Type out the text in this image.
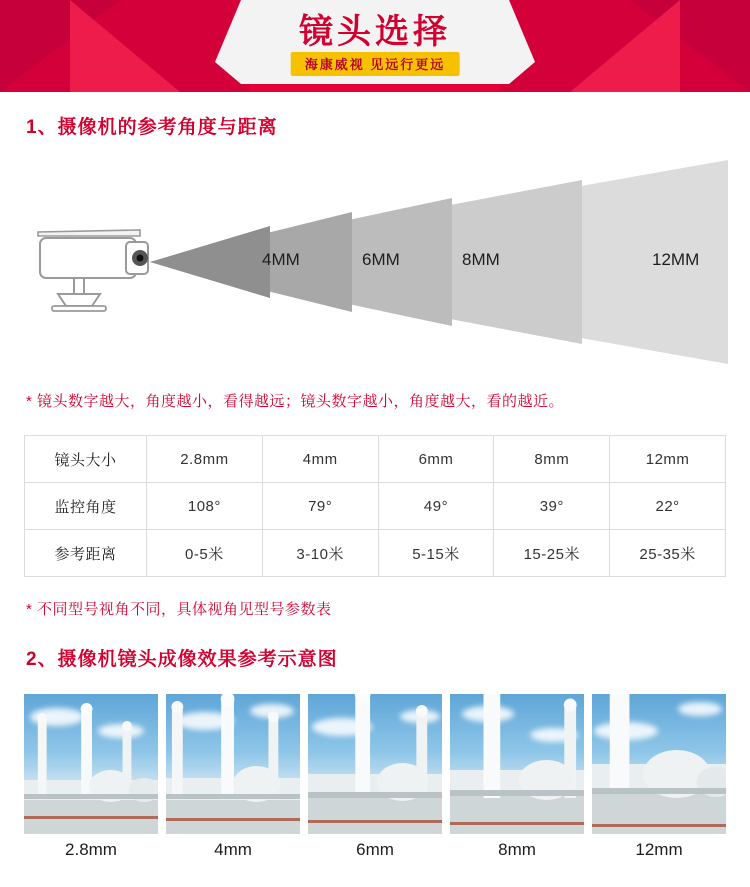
镜头选择
海康威视 见远行更远
1、摄像机的参考角度与距离
4MM	6MM	8MM	12MM
* 镜头数字越大，角度越小，看得越远；镜头数字越小，角度越大，看的越近。
镜头大小	2.8mm	4mm	6mm	8mm	12mm
监控角度	108°	79°	49°	39°	22°
参考距离	0-5米	3-10米	5-15米	15-25米	25-35米
* 不同型号视角不同，具体视角见型号参数表
2、摄像机镜头成像效果参考示意图
2.8mm	4mm	6mm	8mm	12mm
